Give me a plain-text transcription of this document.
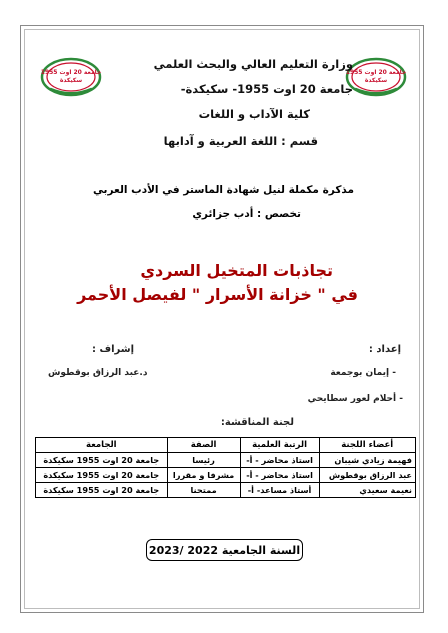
جامعة 20 اوت 1955
سكيكدة
جامعة 20 اوت 1955
سكيكدة
وزارة التعليم العالي والبحث العلمي
جامعة 20 اوت 1955- سكيكدة-
كلية الآداب و اللغات
قسم : اللغة العربية و آدابها
مذكرة مكملة لنيل شهادة الماستر في الأدب العربي
تخصص : أدب جزائري
تجاذبات المتخيل السردي
في " خزانة الأسرار " لفيصل الأحمر
إعداد :
- إيمان بوجمعة
- أحلام لعور سطايحي
إشراف :
د.عبد الرزاق بوقطوش
لجنة المناقشة:
أعضاء اللجنة	الرتبة العلمية	الصفة	الجامعة
فهيمة زيادي شيبان	استاذ محاضر - أ-	رئيسا	جامعة 20 اوت 1955 سكيكدة
عبد الرزاق بوقطوش	استاذ محاضر - أ-	مشرفا و مقررا	جامعة 20 اوت 1955 سكيكدة
نعيمة سعيدي	أستاذ مساعد- أ-	ممتحنا	جامعة 20 اوت 1955 سكيكدة
السنة الجامعية 2022 /2023
